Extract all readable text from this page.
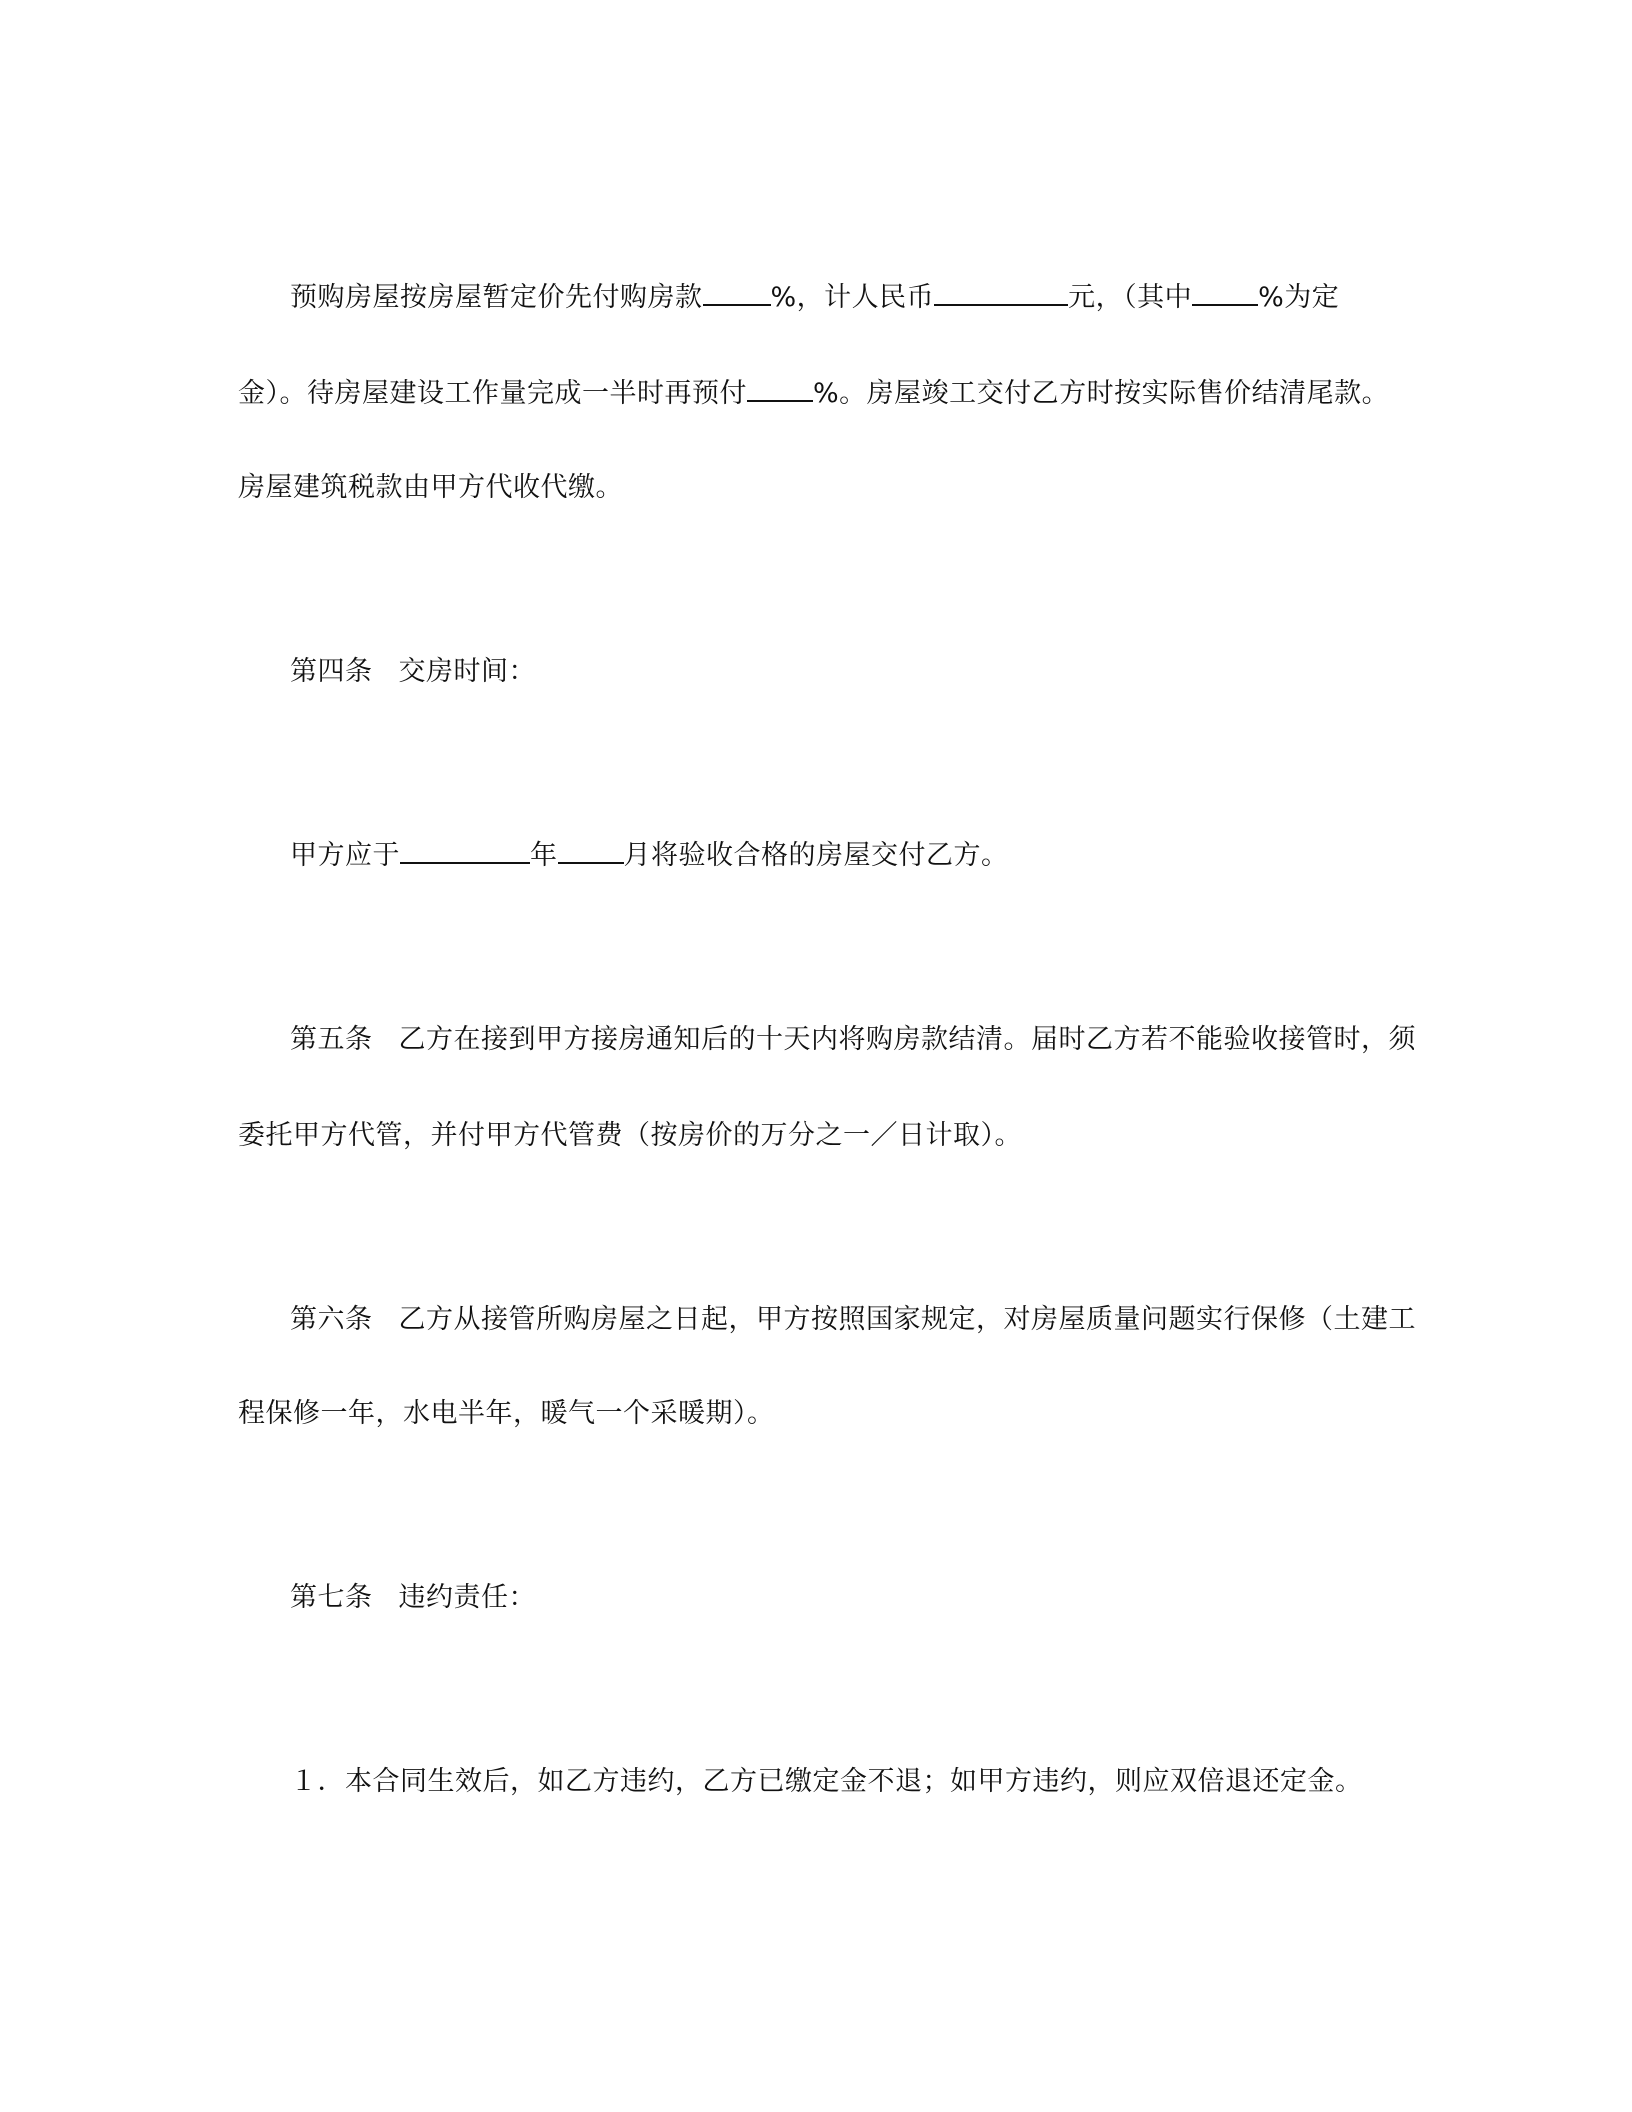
预购房屋按房屋暂定价先付购房款	%，计人民币	元，（其中 %为定
金）。待房屋建设工作量完成一半时再预付 %。房屋竣工交付乙方时按实际售价结清尾款。
房屋建筑税款由甲方代收代缴。
第四条 交房时间：
甲方应于	年 月将验收合格的房屋交付乙方。
第五条 乙方在接到甲方接房通知后的十天内将购房款结清。届时乙方若不能验收接管时，须
委托甲方代管，并付甲方代管费（按房价的万分之一／日计取）。
第六条 乙方从接管所购房屋之日起，甲方按照国家规定，对房屋质量问题实行保修（土建工
程保修一年，水电半年，暖气一个采暖期）。
第七条 违约责任：
１．本合同生效后，如乙方违约，乙方已缴定金不退；如甲方违约，则应双倍退还定金。
